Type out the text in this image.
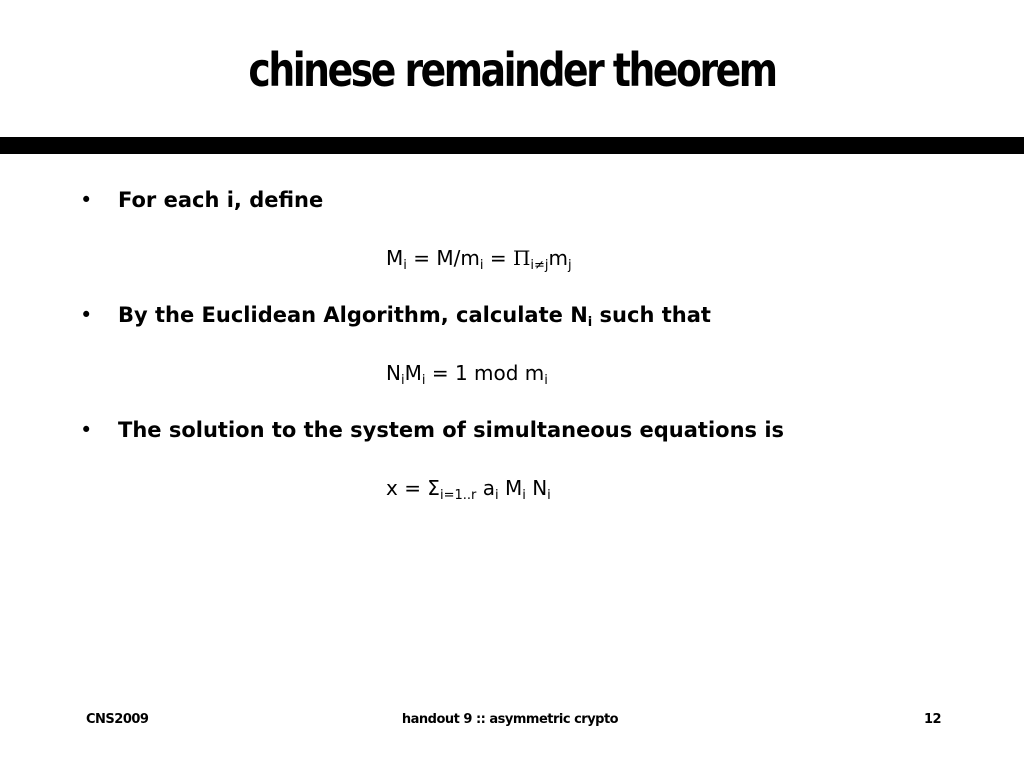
chinese remainder theorem
• For each i, define
$M_i = M/m_i = \Pi_{i\ne j}m_j$
• By the Euclidean Algorithm, calculate $N_i$ such that
$N_iM_i = 1$ mod $m_i$
• The solution to the system of simultaneous equations is
$x = \Sigma_{i=1..r}$ $a_i$ $M_i$ $N_i$
CNS2009	handout 9 :: asymmetric crypto	12
